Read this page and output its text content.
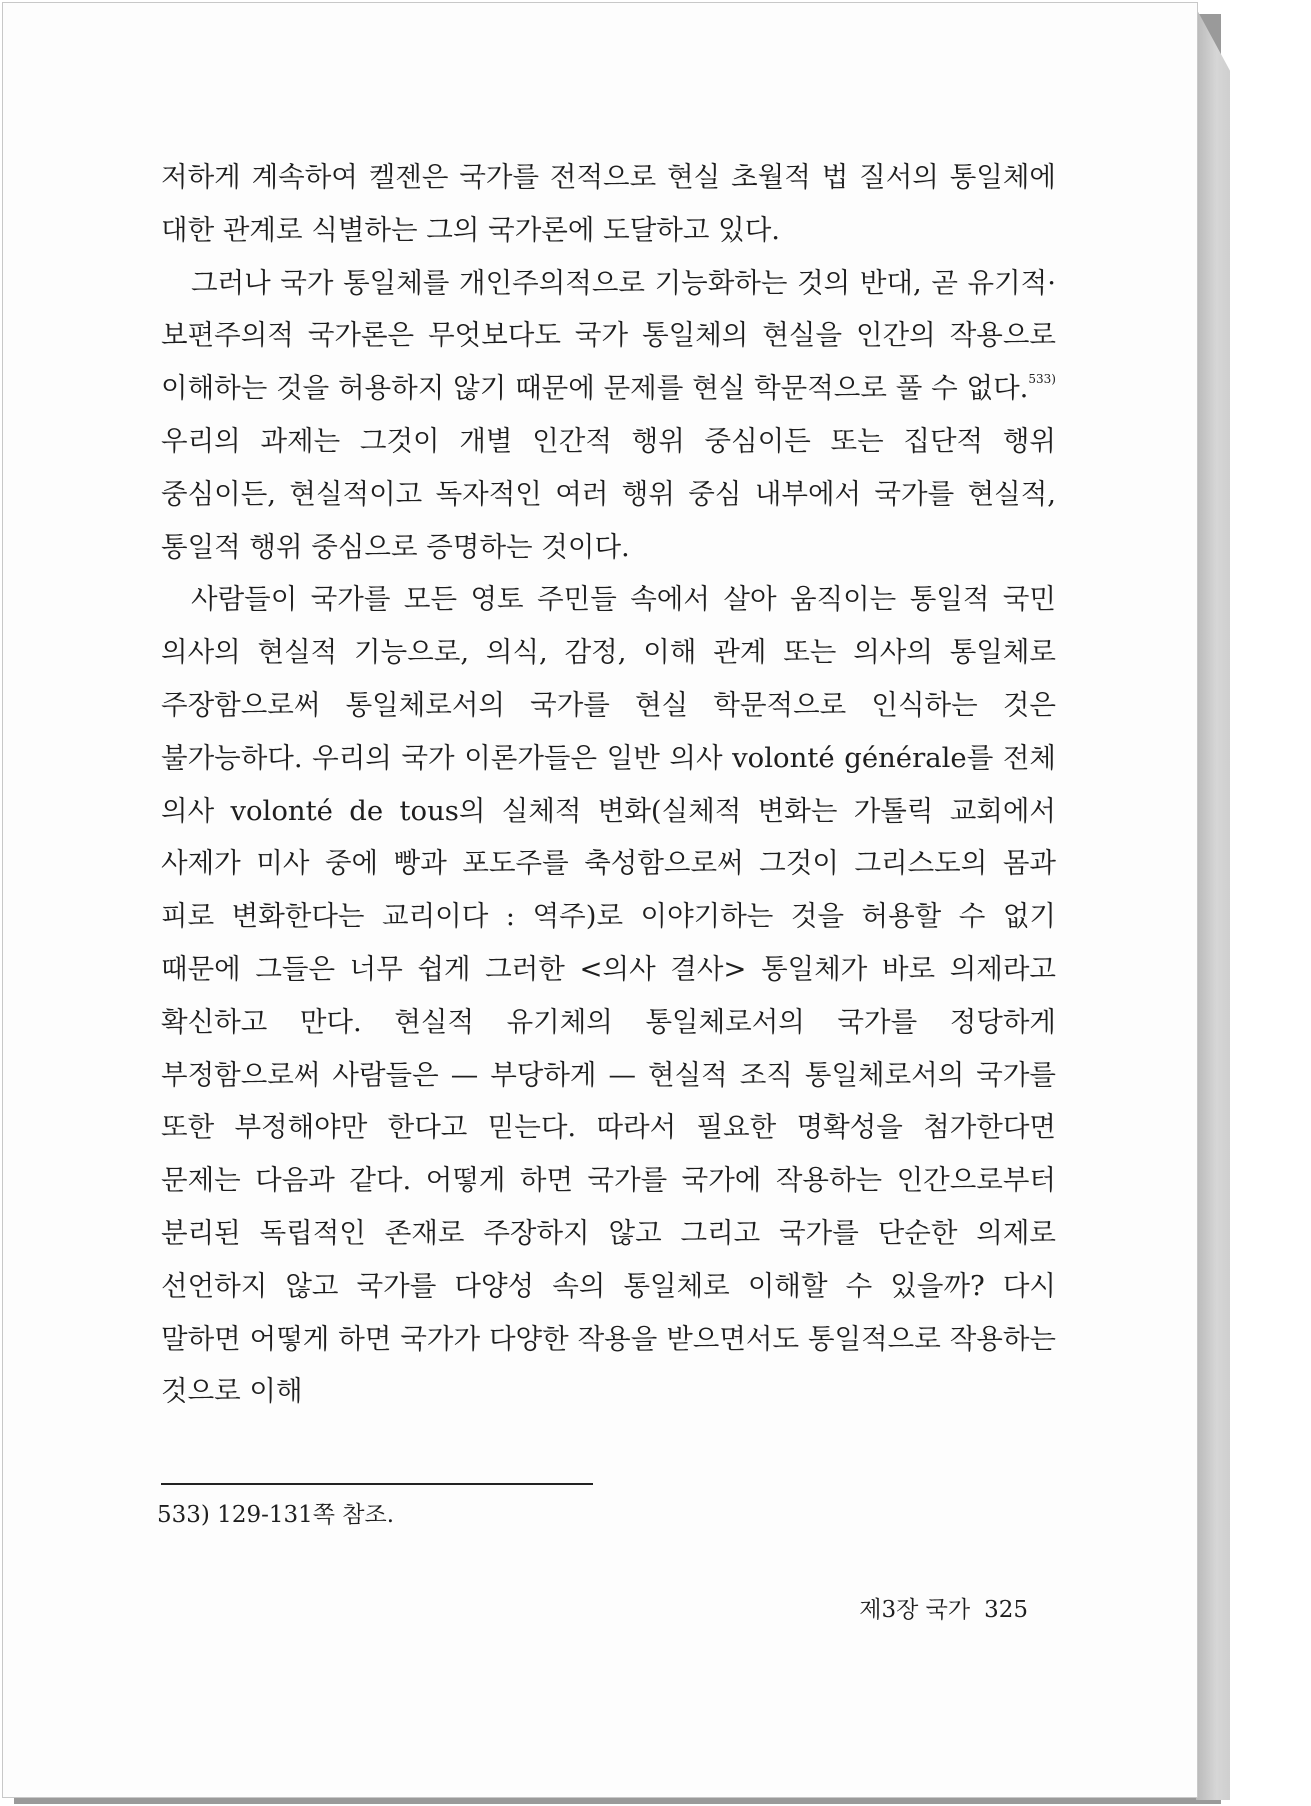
저하게 계속하여 켈젠은 국가를 전적으로 현실 초월적 법 질서의 통일체에 대한 관계로 식별하는 그의 국가론에 도달하고 있다.

그러나 국가 통일체를 개인주의적으로 기능화하는 것의 반대, 곧 유기적·보편주의적 국가론은 무엇보다도 국가 통일체의 현실을 인간의 작용으로 이해하는 것을 허용하지 않기 때문에 문제를 현실 학문적으로 풀 수 없다.$^{533)}$ 우리의 과제는 그것이 개별 인간적 행위 중심이든 또는 집단적 행위 중심이든, 현실적이고 독자적인 여러 행위 중심 내부에서 국가를 현실적, 통일적 행위 중심으로 증명하는 것이다.

사람들이 국가를 모든 영토 주민들 속에서 살아 움직이는 통일적 국민 의사의 현실적 기능으로, 의식, 감정, 이해 관계 또는 의사의 통일체로 주장함으로써 통일체로서의 국가를 현실 학문적으로 인식하는 것은 불가능하다. 우리의 국가 이론가들은 일반 의사 volonté générale를 전체 의사 volonté de tous의 실체적 변화(실체적 변화는 가톨릭 교회에서 사제가 미사 중에 빵과 포도주를 축성함으로써 그것이 그리스도의 몸과 피로 변화한다는 교리이다 : 역주)로 이야기하는 것을 허용할 수 없기 때문에 그들은 너무 쉽게 그러한 <의사 결사> 통일체가 바로 의제라고 확신하고 만다. 현실적 유기체의 통일체로서의 국가를 정당하게 부정함으로써 사람들은 — 부당하게 — 현실적 조직 통일체로서의 국가를 또한 부정해야만 한다고 믿는다. 따라서 필요한 명확성을 첨가한다면 문제는 다음과 같다. 어떻게 하면 국가를 국가에 작용하는 인간으로부터 분리된 독립적인 존재로 주장하지 않고 그리고 국가를 단순한 의제로 선언하지 않고 국가를 다양성 속의 통일체로 이해할 수 있을까? 다시 말하면 어떻게 하면 국가가 다양한 작용을 받으면서도 통일적으로 작용하는 것으로 이해

533) 129-131쪽 참조.
제3장 국가 325
